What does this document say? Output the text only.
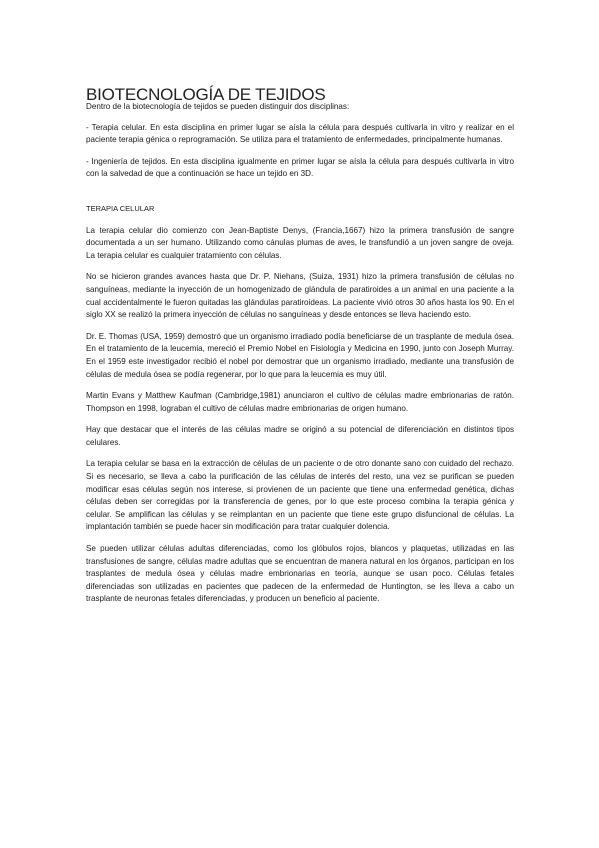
BIOTECNOLOGÍA DE TEJIDOS

Dentro de la biotecnología de tejidos se pueden distinguir dos disciplinas:

- Terapia celular. En esta disciplina en primer lugar se aísla la célula para después cultivarla in vitro y realizar en el paciente terapia génica o reprogramación. Se utiliza para el tratamiento de enfermedades, principalmente humanas.

- Ingeniería de tejidos. En esta disciplina igualmente en primer lugar se aísla la célula para después cultivarla in vitro con la salvedad de que a continuación se hace un tejido en 3D.

TERAPIA CELULAR

La terapia celular dio comienzo con Jean-Baptiste Denys, (Francia,1667) hizo la primera transfusión de sangre documentada a un ser humano. Utilizando como cánulas plumas de aves, le transfundió a un joven sangre de oveja. La terapia celular es cualquier tratamiento con células.

No se hicieron grandes avances hasta que Dr. P. Niehans, (Suiza, 1931) hizo la primera transfusión de células no sanguíneas, mediante la inyección de un homogenizado de glándula de paratiroides a un animal en una paciente a la cual accidentalmente le fueron quitadas las glándulas paratiroideas. La paciente vivió otros 30 años hasta los 90. En el siglo XX se realizó la primera inyección de células no sanguíneas y desde entonces se lleva haciendo esto.

Dr. E. Thomas (USA, 1959) demostró que un organismo irradiado podía beneficiarse de un trasplante de medula ósea. En el tratamiento de la leucemia, mereció el Premio Nobel en Fisiología y Medicina en 1990, junto con Joseph Murray. En el 1959 este investigador recibió el nobel por demostrar que un organismo irradiado, mediante una transfusión de células de medula ósea se podía regenerar, por lo que para la leucemia es muy útil.

Martin Evans y Matthew Kaufman (Cambridge,1981) anunciaron el cultivo de células madre embrionarias de ratón. Thompson en 1998, lograban el cultivo de células madre embrionarias de origen humano.

Hay que destacar que el interés de las células madre se originó a su potencial de diferenciación en distintos tipos celulares.

La terapia celular se basa en la extracción de células de un paciente o de otro donante sano con cuidado del rechazo. Si es necesario, se lleva a cabo la purificación de las células de interés del resto, una vez se purifican se pueden modificar esas células según nos interese, si provienen de un paciente que tiene una enfermedad genética, dichas células deben ser corregidas por la transferencia de genes, por lo que este proceso combina la terapia génica y celular. Se amplifican las células y se reimplantan en un paciente que tiene este grupo disfuncional de células. La implantación también se puede hacer sin modificación para tratar cualquier dolencia.

Se pueden utilizar células adultas diferenciadas, como los glóbulos rojos, blancos y plaquetas, utilizadas en las transfusiones de sangre, células madre adultas que se encuentran de manera natural en los órganos, participan en los trasplantes de medula ósea y células madre embrionarias en teoría, aunque se usan poco. Células fetales diferenciadas son utilizadas en pacientes que padecen de la enfermedad de Huntington, se les lleva a cabo un trasplante de neuronas fetales diferenciadas, y producen un beneficio al paciente.
